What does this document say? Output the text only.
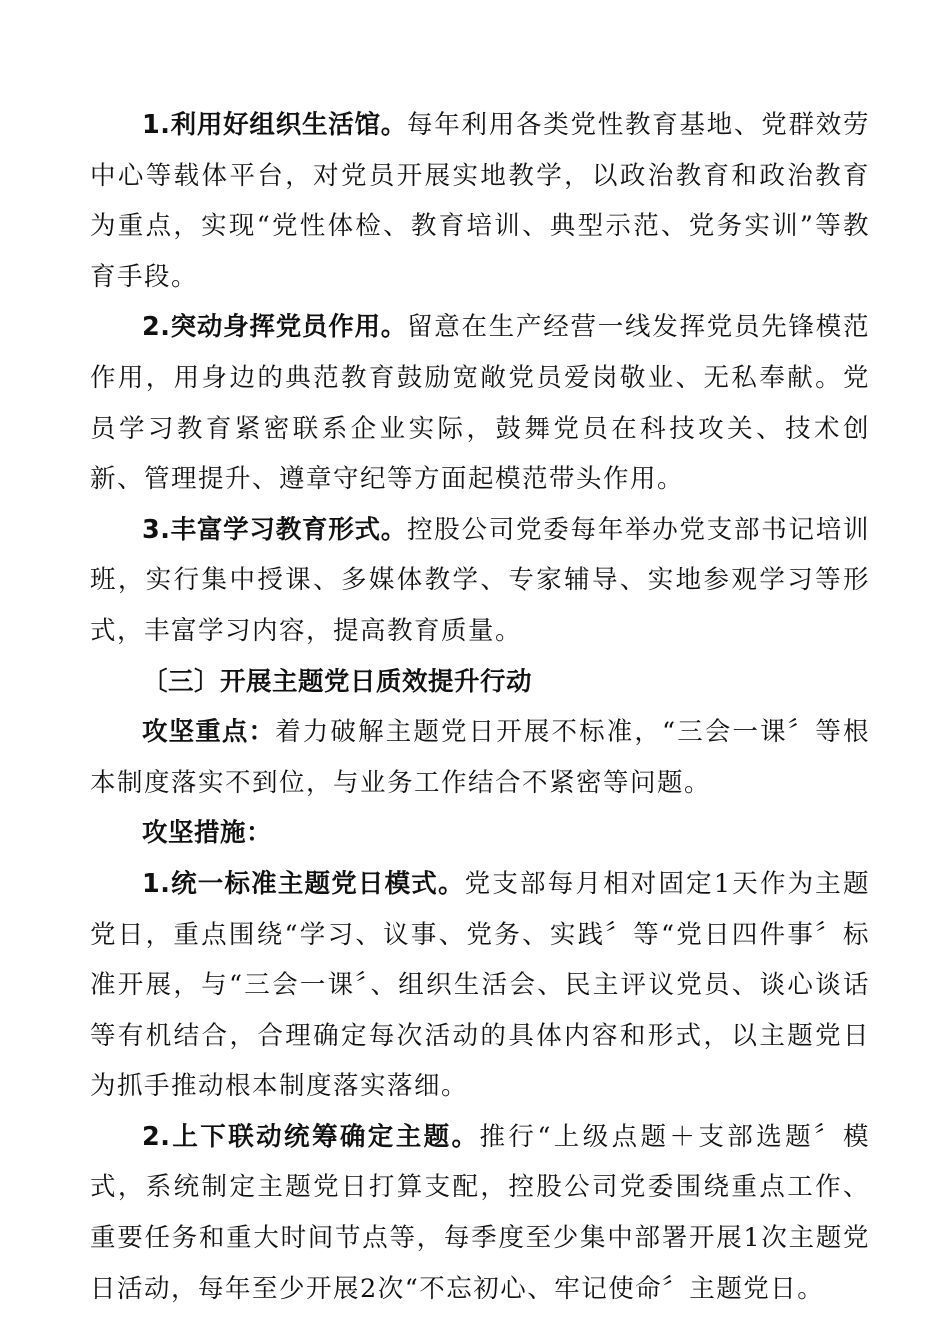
1.利用好组织生活馆。每年利用各类党性教育基地、党群效劳中心等载体平台，对党员开展实地教学，以政治教育和政治教育为重点，实现“党性体检、教育培训、典型示范、党务实训”等教育手段。

2.突动身挥党员作用。留意在生产经营一线发挥党员先锋模范作用，用身边的典范教育鼓励宽敞党员爱岗敬业、无私奉献。党员学习教育紧密联系企业实际，鼓舞党员在科技攻关、技术创新、管理提升、遵章守纪等方面起模范带头作用。

3.丰富学习教育形式。控股公司党委每年举办党支部书记培训班，实行集中授课、多媒体教学、专家辅导、实地参观学习等形式，丰富学习内容，提高教育质量。

〔三〕开展主题党日质效提升行动

攻坚重点：着力破解主题党日开展不标准，“三会一课〞等根本制度落实不到位，与业务工作结合不紧密等问题。

攻坚措施：

1.统一标准主题党日模式。党支部每月相对固定1天作为主题党日，重点围绕“学习、议事、党务、实践〞等“党日四件事〞标准开展，与“三会一课〞、组织生活会、民主评议党员、谈心谈话等有机结合，合理确定每次活动的具体内容和形式，以主题党日为抓手推动根本制度落实落细。

2.上下联动统筹确定主题。推行“上级点题＋支部选题〞模式，系统制定主题党日打算支配，控股公司党委围绕重点工作、重要任务和重大时间节点等，每季度至少集中部署开展1次主题党日活动，每年至少开展2次“不忘初心、牢记使命〞主题党日。
